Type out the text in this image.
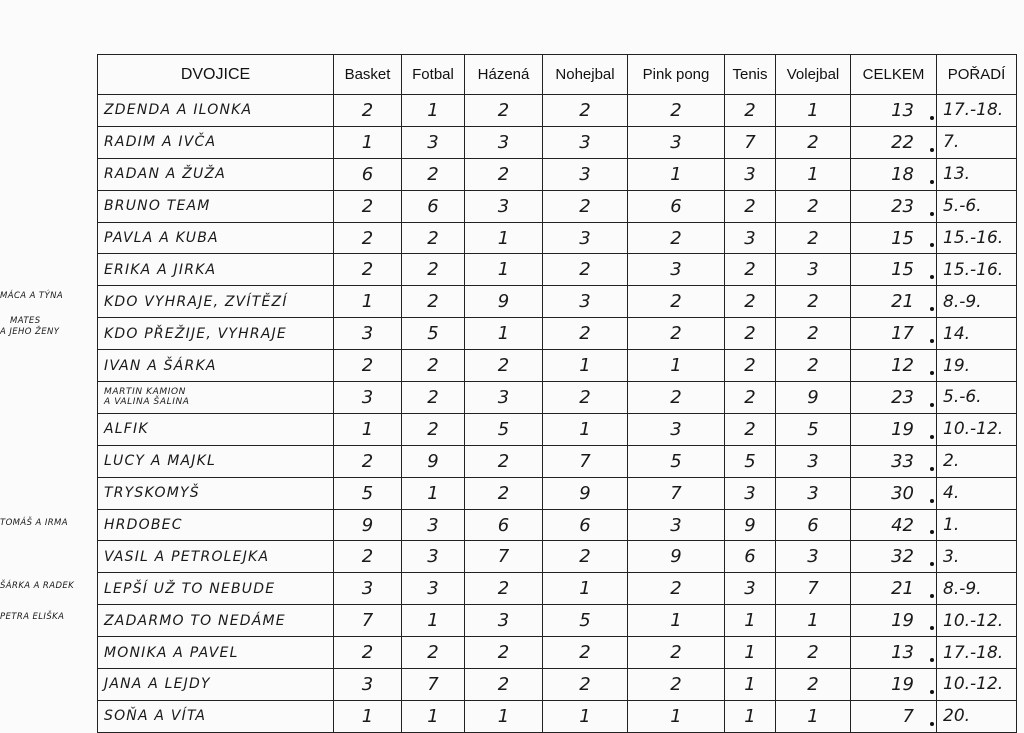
DVOJICE	Basket	Fotbal	Házená	Nohejbal	Pink pong	Tenis	Volejbal	CELKEM	POŘADÍ
ZDENDA A ILONKA	2	1	2	2	2	2	1	13	17.-18.
RADIM A IVČA	1	3	3	3	3	7	2	22	7.
RADAN A ŽUŽA	6	2	2	3	1	3	1	18	13.
BRUNO TEAM	2	6	3	2	6	2	2	23	5.-6.
PAVLA A KUBA	2	2	1	3	2	3	2	15	15.-16.
ERIKA A JIRKA	2	2	1	2	3	2	3	15	15.-16.
KDO VYHRAJE, ZVÍTĚZÍ	1	2	9	3	2	2	2	21	8.-9.
KDO PŘEŽIJE, VYHRAJE	3	5	1	2	2	2	2	17	14.
IVAN A ŠÁRKA	2	2	2	1	1	2	2	12	19.

MARTIN KAMION
A VALINA ŠALINA	3	2	3	2	2	2	9	23	5.-6.
ALFIK	1	2	5	1	3	2	5	19	10.-12.
LUCY A MAJKL	2	9	2	7	5	5	3	33	2.
TRYSKOMYŠ	5	1	2	9	7	3	3	30	4.
HRDOBEC	9	3	6	6	3	9	6	42	1.
VASIL A PETROLEJKA	2	3	7	2	9	6	3	32	3.
LEPŠÍ UŽ TO NEBUDE	3	3	2	1	2	3	7	21	8.-9.
ZADARMO TO NEDÁME	7	1	3	5	1	1	1	19	10.-12.
MONIKA A PAVEL	2	2	2	2	2	1	2	13	17.-18.
JANA A LEJDY	3	7	2	2	2	1	2	19	10.-12.
SOŇA A VÍTA	1	1	1	1	1	1	1	7	20.
MÁCA A TÝNA
MATES
A JEHO ŽENY
TOMÁŠ A IRMA
ŠÁRKA A RADEK
PETRA ELIŠKA
